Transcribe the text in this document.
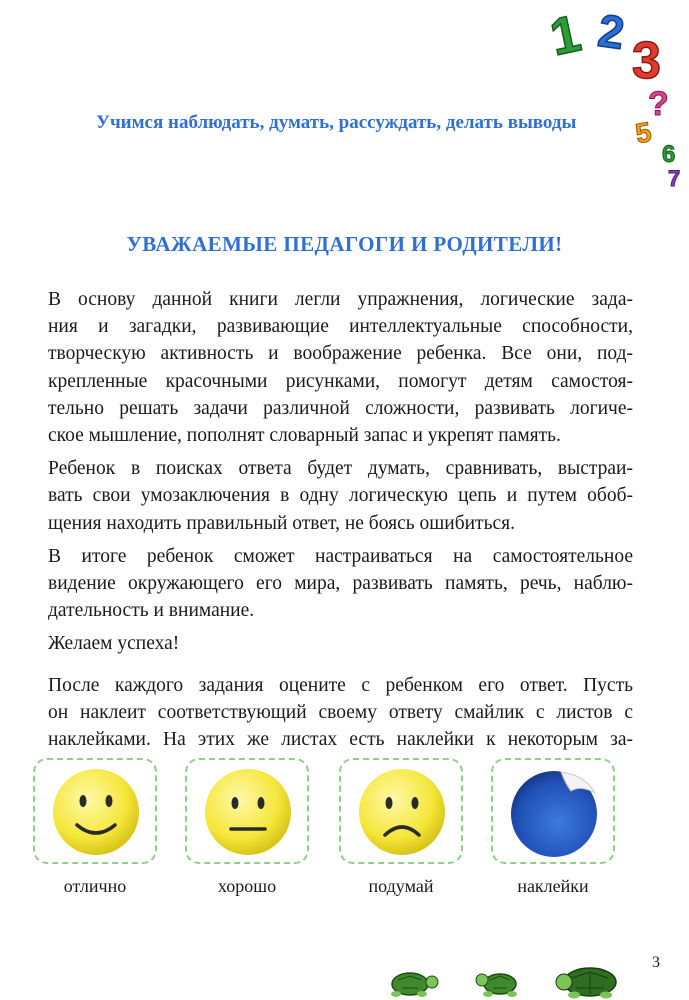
1 2
3
?
5
6
7
Учимся наблюдать, думать, рассуждать, делать выводы
УВАЖАЕМЫЕ ПЕДАГОГИ И РОДИТЕЛИ!

В основу данной книги легли упражнения, логические зада-
ния и загадки, развивающие интеллектуальные способности,
творческую активность и воображение ребенка. Все они, под-
крепленные красочными рисунками, помогут детям самостоя-
тельно решать задачи различной сложности, развивать логиче-
ское мышление, пополнят словарный запас и укрепят память.

Ребенок в поисках ответа будет думать, сравнивать, выстраи-
вать свои умозаключения в одну логическую цепь и путем обоб-
щения находить правильный ответ, не боясь ошибиться.

В итоге ребенок сможет настраиваться на самостоятельное
видение окружающего его мира, развивать память, речь, наблю-
дательность и внимание.

Желаем успеха!

После каждого задания оцените с ребенком его ответ. Пусть
он наклеит соответствующий своему ответу смайлик с листов с
наклейками. На этих же листах есть наклейки к некоторым за-

отлично	хорошо	подумай	наклейки
3
